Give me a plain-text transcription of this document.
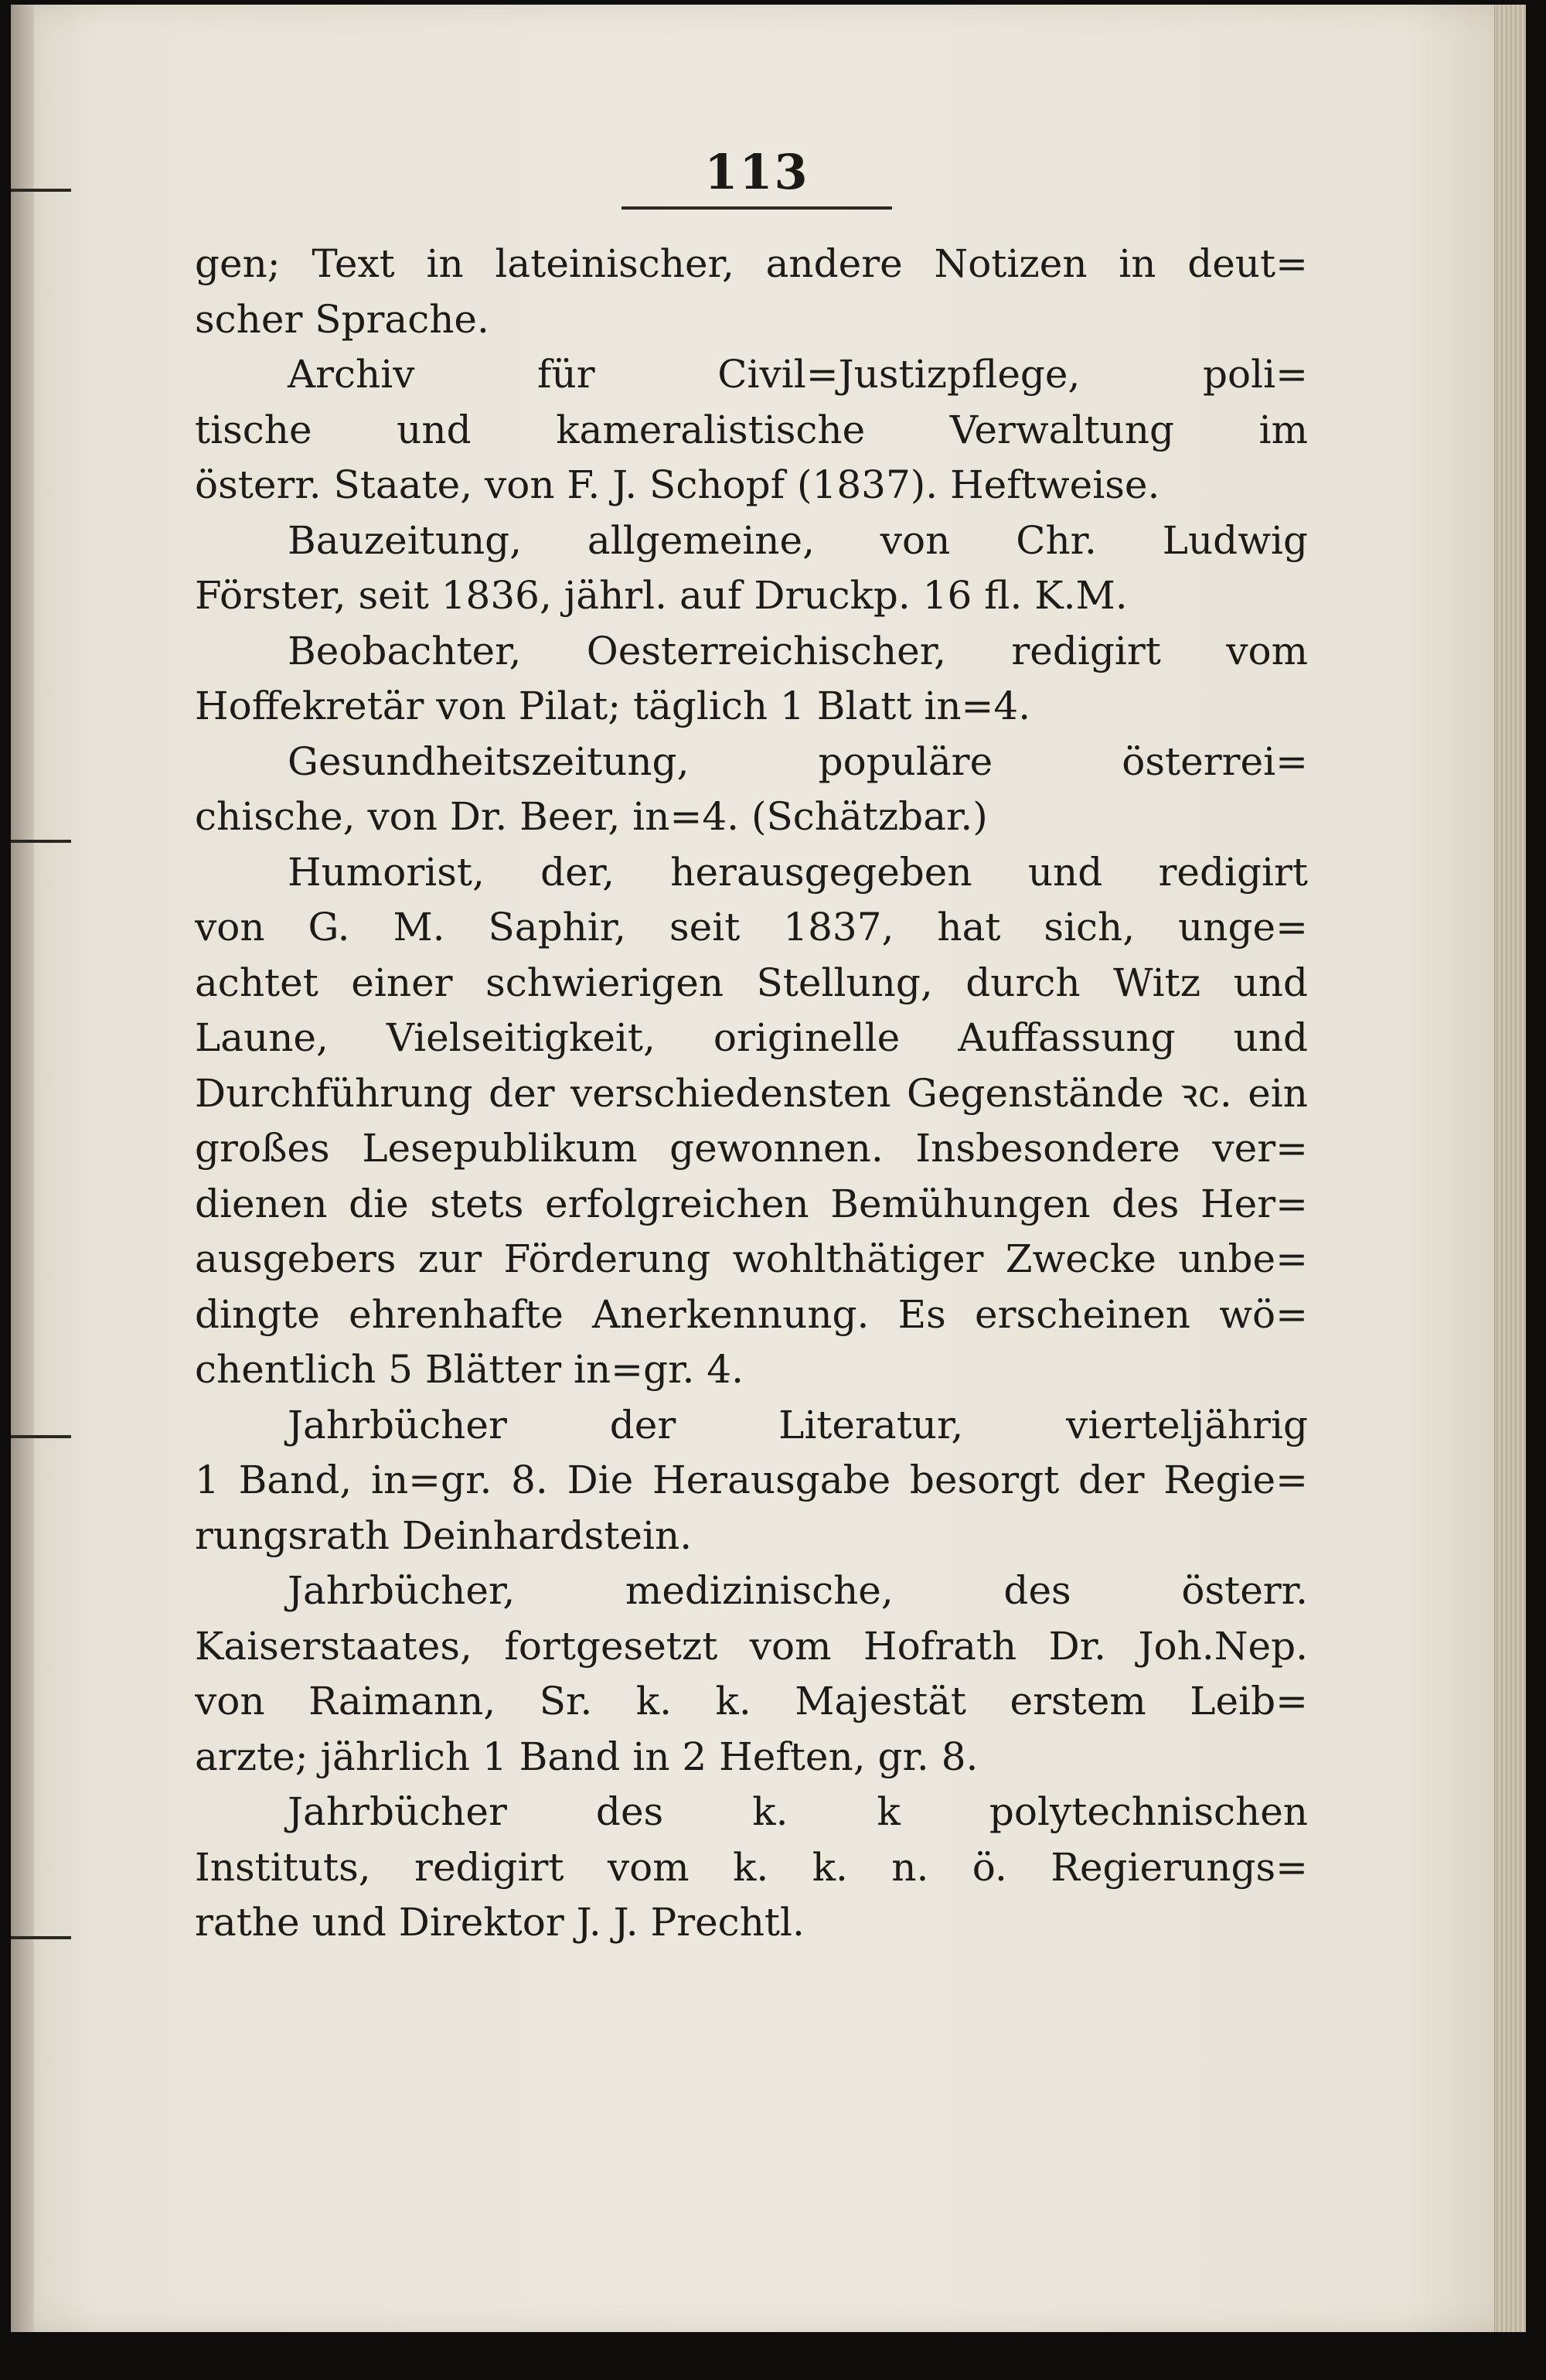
113
gen; Text in lateinischer, andere Notizen in deut=
scher Sprache.
Archiv für Civil=Justizpflege, poli=
tische und kameralistische Verwaltung im
österr. Staate, von F. J. Schopf (1837). Heftweise.
Bauzeitung, allgemeine, von Chr. Ludwig
Förster, seit 1836, jährl. auf Druckp. 16 fl. K.M.
Beobachter, Oesterreichischer, redigirt vom
Hoffekretär von Pilat; täglich 1 Blatt in=4.
Gesundheitszeitung, populäre österrei=
chische, von Dr. Beer, in=4. (Schätzbar.)
Humorist, der, herausgegeben und redigirt
von G. M. Saphir, seit 1837, hat sich, unge=
achtet einer schwierigen Stellung, durch Witz und
Laune, Vielseitigkeit, originelle Auffassung und
Durchführung der verschiedensten Gegenstände ꝛc. ein
großes Lesepublikum gewonnen. Insbesondere ver=
dienen die stets erfolgreichen Bemühungen des Her=
ausgebers zur Förderung wohlthätiger Zwecke unbe=
dingte ehrenhafte Anerkennung. Es erscheinen wö=
chentlich 5 Blätter in=gr. 4.
Jahrbücher der Literatur, vierteljährig
1 Band, in=gr. 8. Die Herausgabe besorgt der Regie=
rungsrath Deinhardstein.
Jahrbücher, medizinische, des österr.
Kaiserstaates, fortgesetzt vom Hofrath Dr. Joh.Nep.
von Raimann, Sr. k. k. Majestät erstem Leib=
arzte; jährlich 1 Band in 2 Heften, gr. 8.
Jahrbücher des k. k polytechnischen
Instituts, redigirt vom k. k. n. ö. Regierungs=
rathe und Direktor J. J. Prechtl.
